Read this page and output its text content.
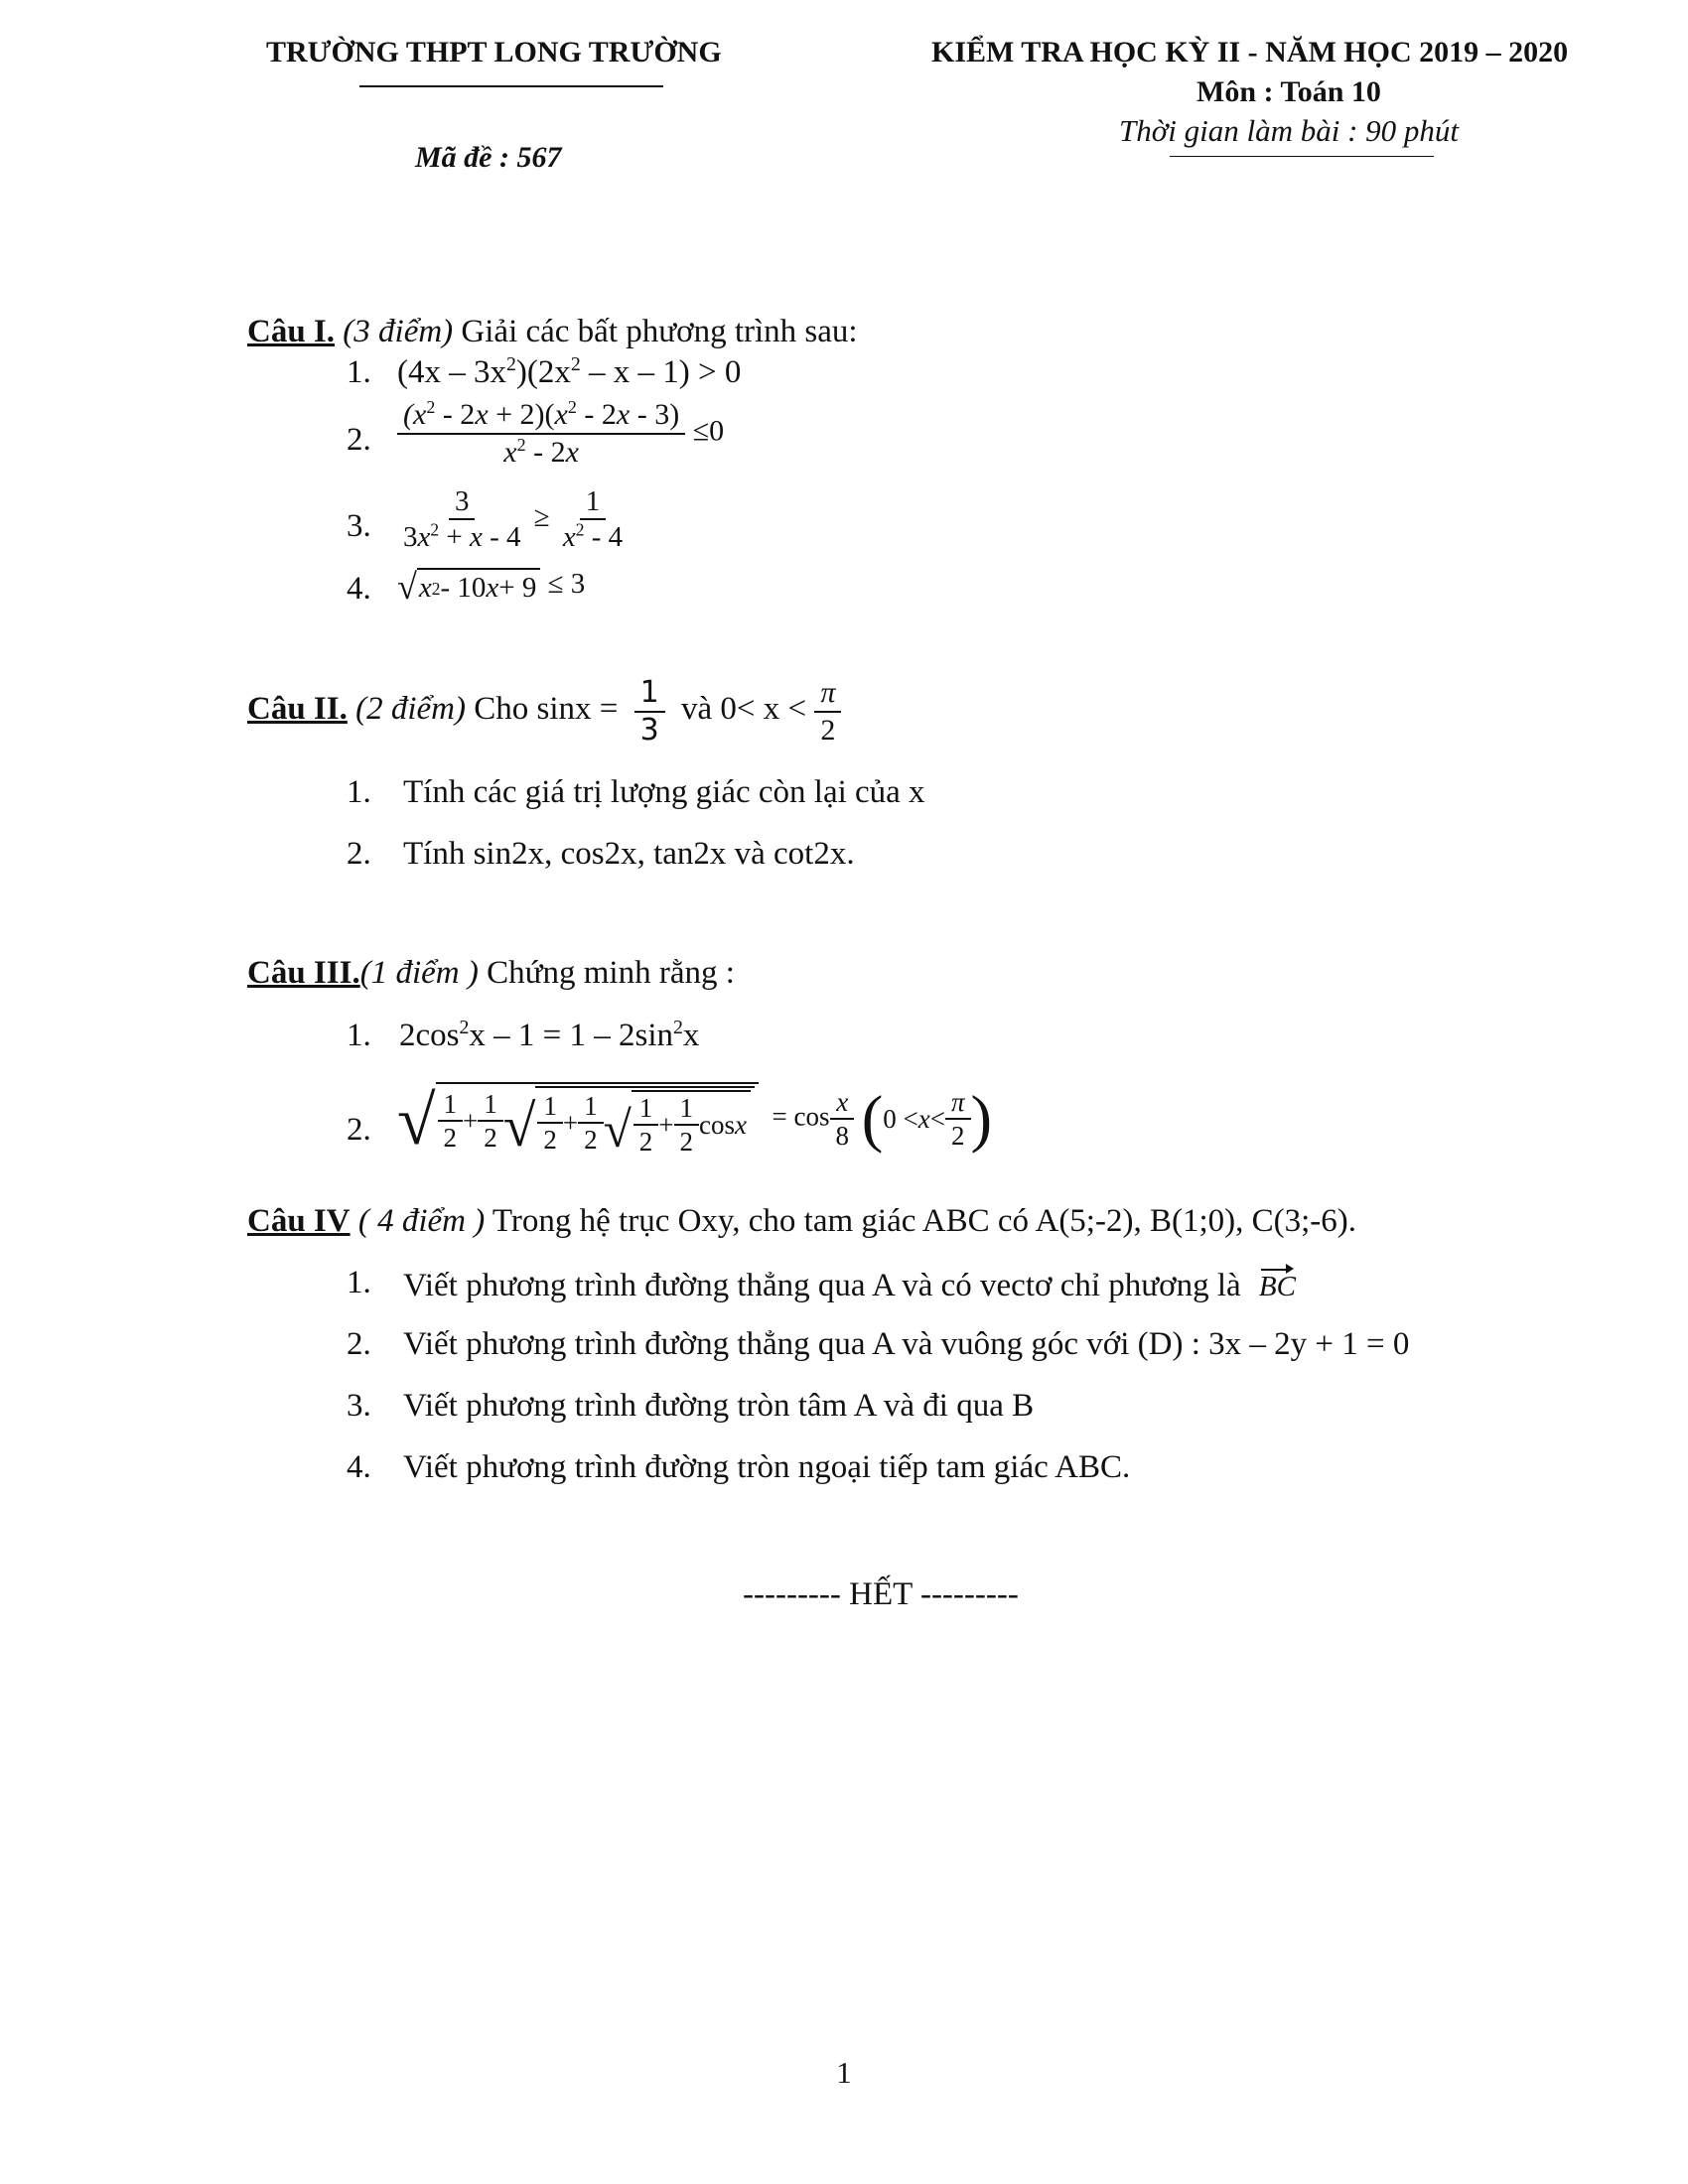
TRƯỜNG THPT LONG TRƯỜNG	KIỂM TRA HỌC KỲ II - NĂM HỌC 2019 – 2020
Môn : Toán 10
Thời gian làm bài : 90 phút
Mã đề : 567
Câu I. (3 điểm) Giải các bất phương trình sau:
1. $(4x - 3x^2)(2x^2 - x - 1) > 0$
2. $\frac{(x^2 - 2x + 2)(x^2 - 2x - 3)}{x^2 - 2x} \le 0$
3. $\frac{3}{3x^2 + x - 4} \ge \frac{1}{x^2 - 4}$
4. √ x 2 - 10 x + 9 ≤ 3
Câu II. (2 điểm) Cho $\sin x = \frac{1}{3}$ và $0< x < \frac{\pi}{2}$
1. Tính các giá trị lượng giác còn lại của x
2. Tính sin2x, cos2x, tan2x và cot2x.
Câu III.(1 điểm ) Chứng minh rằng :
1. $2\cos^2x - 1 = 1 - 2\sin^2x$
2. √ $\frac{1}{2} + \frac{1}{2}$ √ $\frac{1}{2} + \frac{1}{2}$ √ $\frac{1}{2} + \frac{1}{2}$ $\cos x = \cos \frac{x}{8}$
( $0 < x < \frac{\pi}{2}$ )
Câu IV ( 4 điểm ) Trong hệ trục Oxy, cho tam giác ABC có A(5;-2), B(1;0), C(3;-6).
1. Viết phương trình đường thẳng qua A và có vectơ chỉ phương là BC
2. Viết phương trình đường thẳng qua A và vuông góc với (D) : 3x – 2y + 1 = 0
3. Viết phương trình đường tròn tâm A và đi qua B
4. Viết phương trình đường tròn ngoại tiếp tam giác ABC.
--------- HẾT ---------
1
